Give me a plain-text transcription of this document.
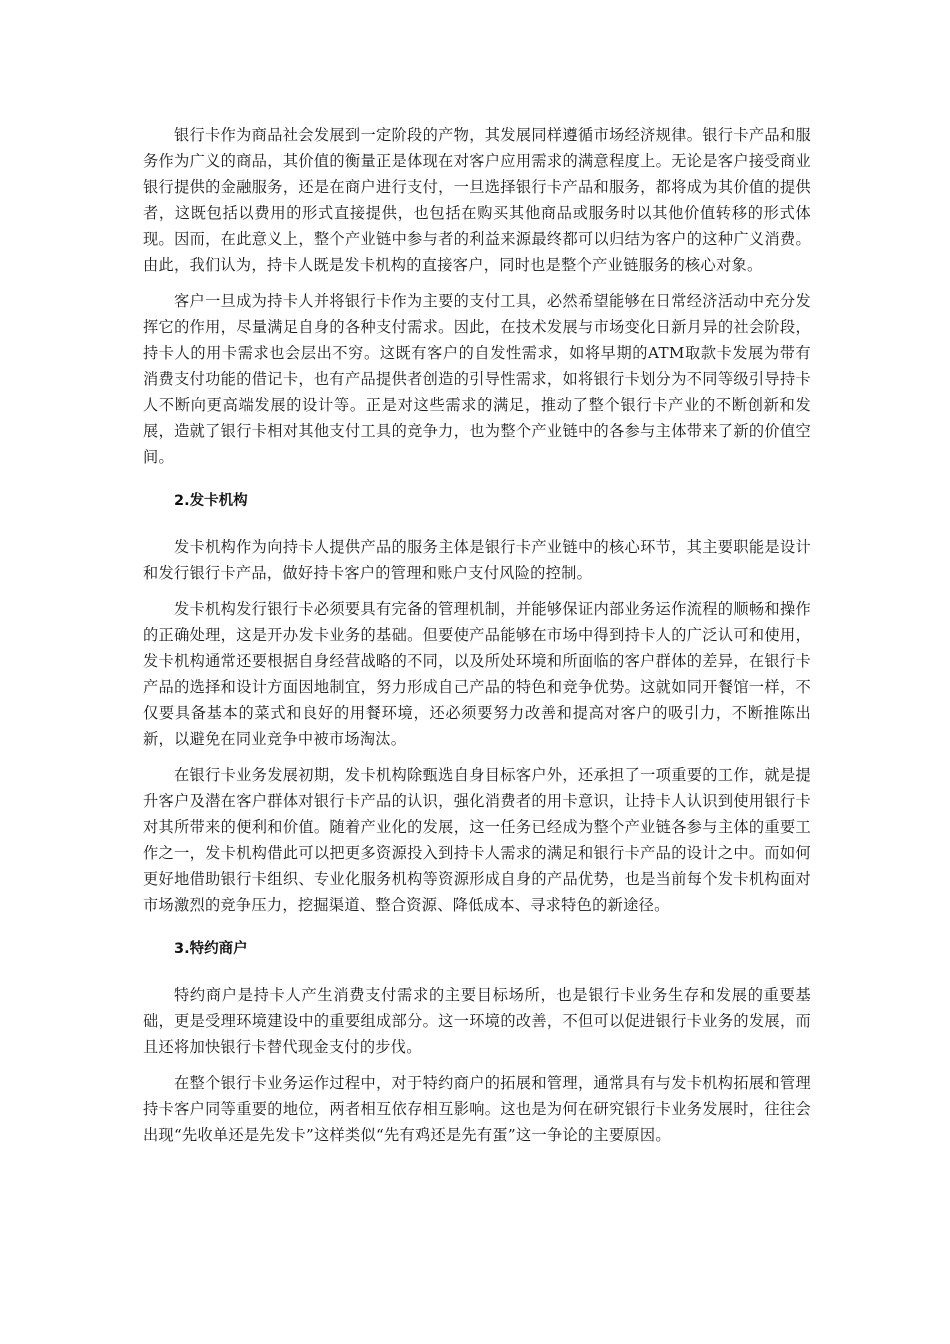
银行卡作为商品社会发展到一定阶段的产物，其发展同样遵循市场经济规律。银行卡产品和服务作为广义的商品，其价值的衡量正是体现在对客户应用需求的满意程度上。无论是客户接受商业银行提供的金融服务，还是在商户进行支付，一旦选择银行卡产品和服务，都将成为其价值的提供者，这既包括以费用的形式直接提供，也包括在购买其他商品或服务时以其他价值转移的形式体现。因而，在此意义上，整个产业链中参与者的利益来源最终都可以归结为客户的这种广义消费。由此，我们认为，持卡人既是发卡机构的直接客户，同时也是整个产业链服务的核心对象。

客户一旦成为持卡人并将银行卡作为主要的支付工具，必然希望能够在日常经济活动中充分发挥它的作用，尽量满足自身的各种支付需求。因此，在技术发展与市场变化日新月异的社会阶段，持卡人的用卡需求也会层出不穷。这既有客户的自发性需求，如将早期的ATM取款卡发展为带有消费支付功能的借记卡，也有产品提供者创造的引导性需求，如将银行卡划分为不同等级引导持卡人不断向更高端发展的设计等。正是对这些需求的满足，推动了整个银行卡产业的不断创新和发展，造就了银行卡相对其他支付工具的竞争力，也为整个产业链中的各参与主体带来了新的价值空间。

2.发卡机构

发卡机构作为向持卡人提供产品的服务主体是银行卡产业链中的核心环节，其主要职能是设计和发行银行卡产品，做好持卡客户的管理和账户支付风险的控制。

发卡机构发行银行卡必须要具有完备的管理机制，并能够保证内部业务运作流程的顺畅和操作的正确处理，这是开办发卡业务的基础。但要使产品能够在市场中得到持卡人的广泛认可和使用，发卡机构通常还要根据自身经营战略的不同，以及所处环境和所面临的客户群体的差异，在银行卡产品的选择和设计方面因地制宜，努力形成自己产品的特色和竞争优势。这就如同开餐馆一样，不仅要具备基本的菜式和良好的用餐环境，还必须要努力改善和提高对客户的吸引力，不断推陈出新，以避免在同业竞争中被市场淘汰。

在银行卡业务发展初期，发卡机构除甄选自身目标客户外，还承担了一项重要的工作，就是提升客户及潜在客户群体对银行卡产品的认识，强化消费者的用卡意识，让持卡人认识到使用银行卡对其所带来的便利和价值。随着产业化的发展，这一任务已经成为整个产业链各参与主体的重要工作之一，发卡机构借此可以把更多资源投入到持卡人需求的满足和银行卡产品的设计之中。而如何更好地借助银行卡组织、专业化服务机构等资源形成自身的产品优势，也是当前每个发卡机构面对市场激烈的竞争压力，挖掘渠道、整合资源、降低成本、寻求特色的新途径。

3.特约商户

特约商户是持卡人产生消费支付需求的主要目标场所，也是银行卡业务生存和发展的重要基础，更是受理环境建设中的重要组成部分。这一环境的改善，不但可以促进银行卡业务的发展，而且还将加快银行卡替代现金支付的步伐。

在整个银行卡业务运作过程中，对于特约商户的拓展和管理，通常具有与发卡机构拓展和管理持卡客户同等重要的地位，两者相互依存相互影响。这也是为何在研究银行卡业务发展时，往往会出现“先收单还是先发卡”这样类似“先有鸡还是先有蛋”这一争论的主要原因。
